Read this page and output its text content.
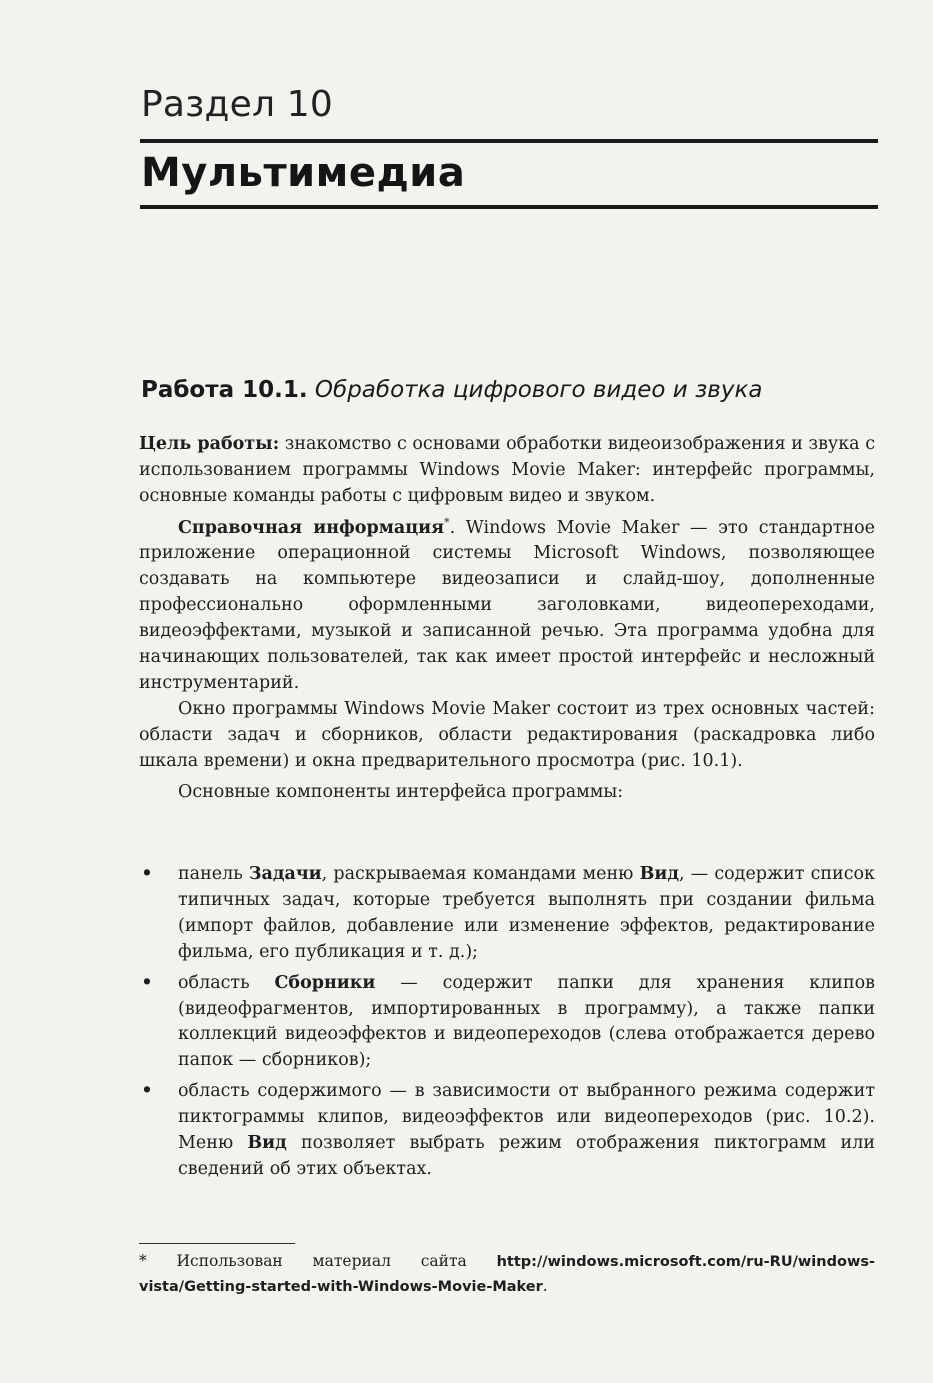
Раздел 10
Мультимедиа
Работа 10.1. Обработка цифрового видео и звука

Цель работы: знакомство с основами обработки видеоизображения и звука с использованием программы Windows Movie Maker: интерфейс программы, основные команды работы с цифровым видео и звуком.

Справочная информация*. Windows Movie Maker — это стандартное приложение операционной системы Microsoft Windows, позволяющее создавать на компьютере видеозаписи и слайд-шоу, дополненные профессионально оформленными заголовками, видеопереходами, видеоэффектами, музыкой и записанной речью. Эта программа удобна для начинающих пользователей, так как имеет простой интерфейс и несложный инструментарий.

Окно программы Windows Movie Maker состоит из трех основных частей: области задач и сборников, области редактирования (раскадровка либо шкала времени) и окна предварительного просмотра (рис. 10.1).

Основные компоненты интерфейса программы:

• панель Задачи, раскрываемая командами меню Вид, — содержит список типичных задач, которые требуется выполнять при создании фильма (импорт файлов, добавление или изменение эффектов, редактирование фильма, его публикация и т. д.);
• область Сборники — содержит папки для хранения клипов (видеофрагментов, импортированных в программу), а также папки коллекций видеоэффектов и видеопереходов (слева отображается дерево папок — сборников);
• область содержимого — в зависимости от выбранного режима содержит пиктограммы клипов, видеоэффектов или видеопереходов (рис. 10.2). Меню Вид позволяет выбрать режим отображения пиктограмм или сведений об этих объектах.
* Использован материал сайта http://windows.microsoft.com/ru-RU/windows-vista/Getting-started-with-Windows-Movie-Maker.
